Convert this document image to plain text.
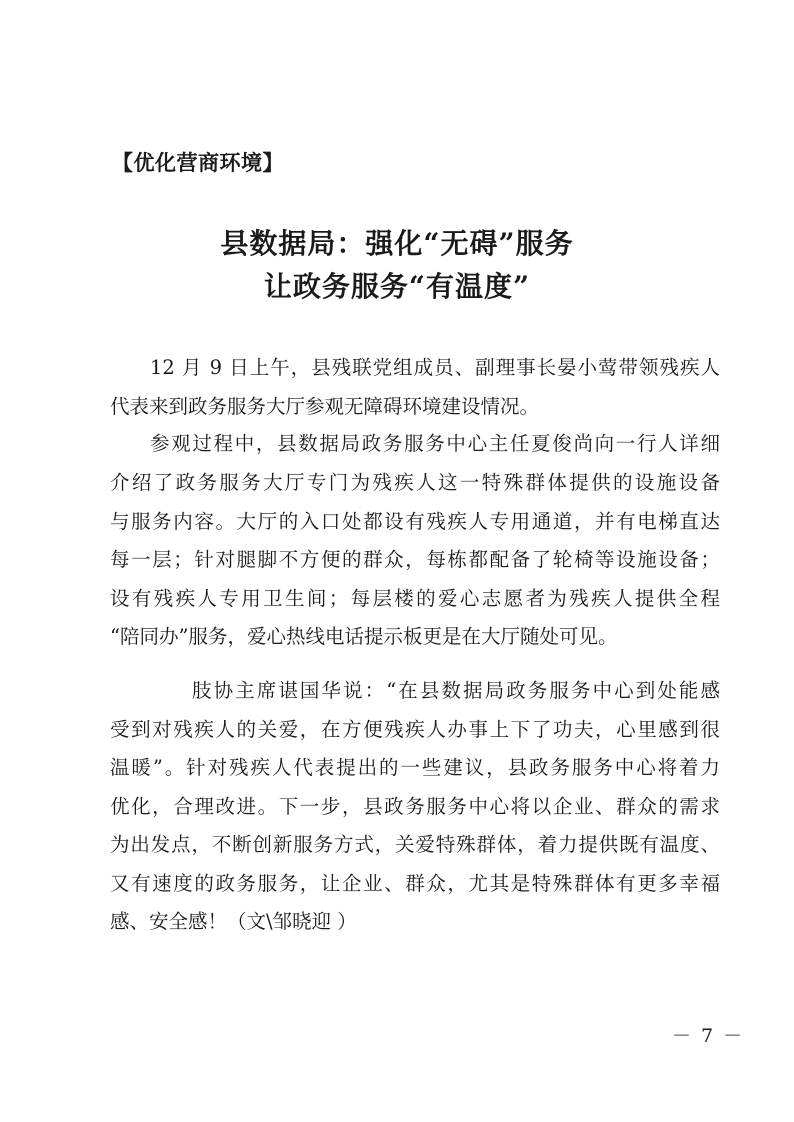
【优化营商环境】
县数据局：强化“无碍”服务
让政务服务“有温度”
12 月 9 日上午，县残联党组成员、副理事长晏小莺带领残疾人
代表来到政务服务大厅参观无障碍环境建设情况。
参观过程中，县数据局政务服务中心主任夏俊尚向一行人详细
介绍了政务服务大厅专门为残疾人这一特殊群体提供的设施设备
与服务内容。大厅的入口处都设有残疾人专用通道，并有电梯直达
每一层；针对腿脚不方便的群众，每栋都配备了轮椅等设施设备；
设有残疾人专用卫生间；每层楼的爱心志愿者为残疾人提供全程
“陪同办”服务，爱心热线电话提示板更是在大厅随处可见。
肢协主席谌国华说：“在县数据局政务服务中心到处能感
受到对残疾人的关爱，在方便残疾人办事上下了功夫，心里感到很
温暖”。针对残疾人代表提出的一些建议，县政务服务中心将着力
优化，合理改进。下一步，县政务服务中心将以企业、群众的需求
为出发点，不断创新服务方式，关爱特殊群体，着力提供既有温度、
又有速度的政务服务，让企业、群众，尤其是特殊群体有更多幸福
感、安全感！（文\邹晓迎 ）
－ 7 －
